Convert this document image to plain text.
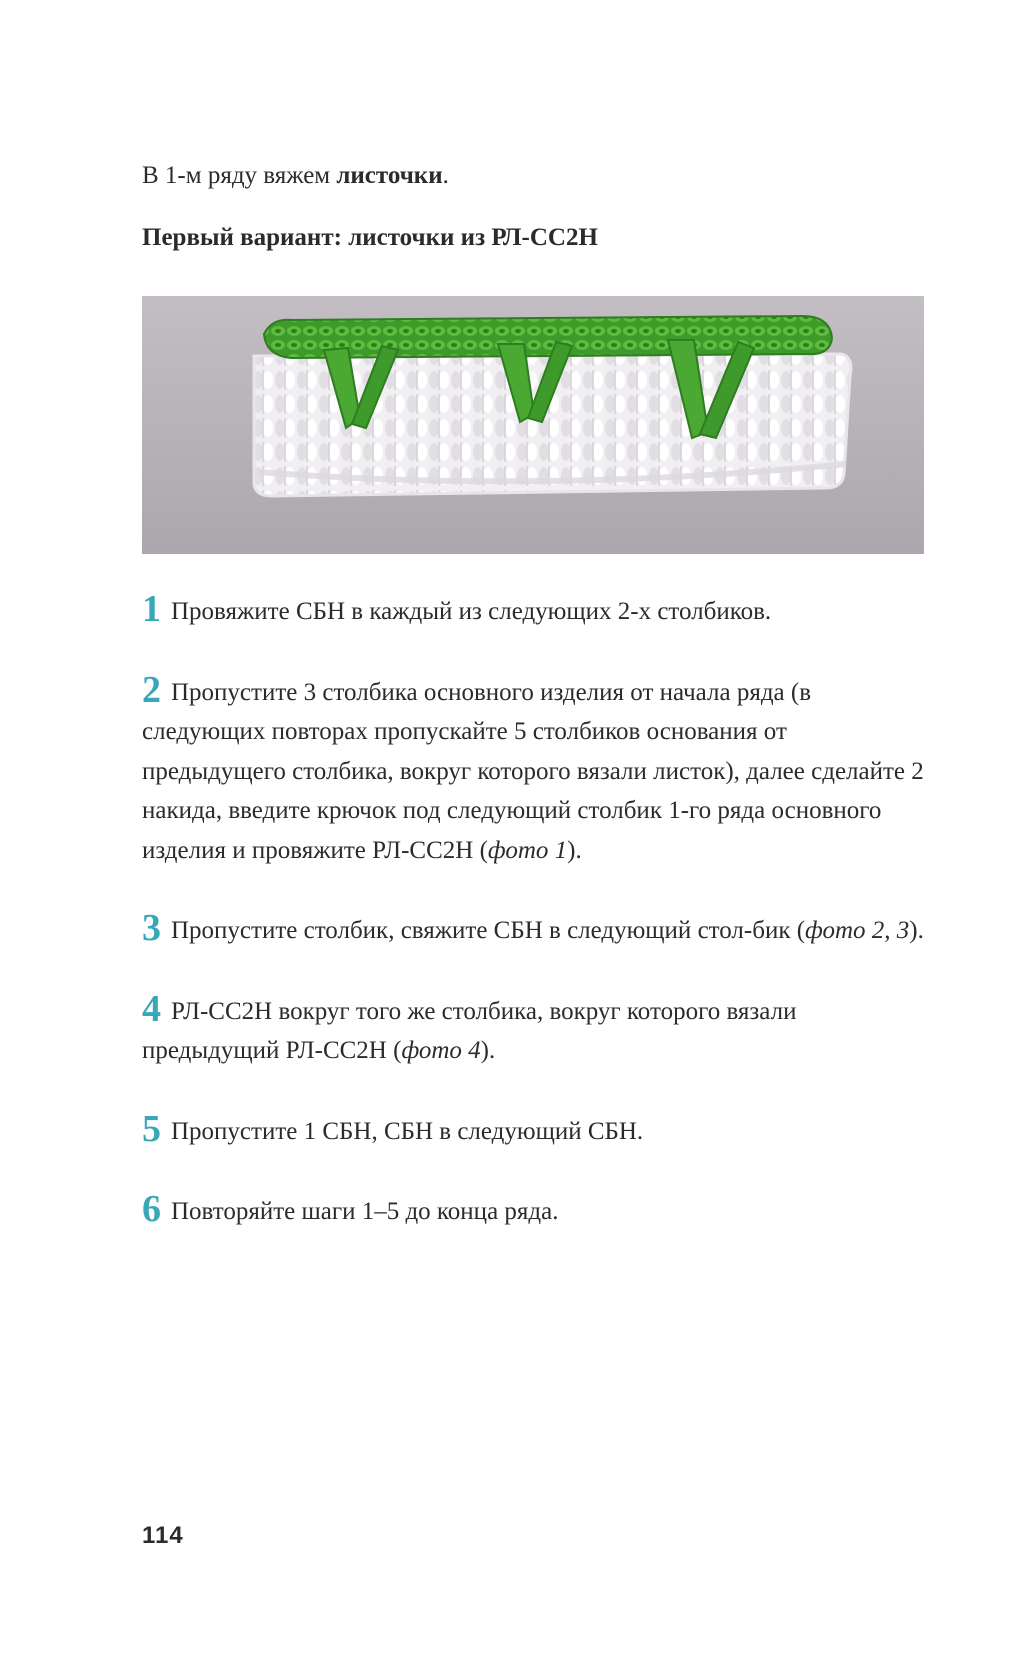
В 1-м ряду вяжем листочки.

Первый вариант: листочки из РЛ-СС2Н

1 Провяжите СБН в каждый из следующих 2-х столбиков.

2 Пропустите 3 столбика основного изделия от начала ряда (в следующих повторах пропускайте 5 столбиков основания от предыдущего столбика, вокруг которого вязали листок), далее сделайте 2 накида, введите крючок под следующий столбик 1-го ряда основного изделия и провяжите РЛ-СС2Н (фото 1).

3 Пропустите столбик, свяжите СБН в следующий стол-бик (фото 2, 3).

4 РЛ-СС2Н вокруг того же столбика, вокруг которого вязали предыдущий РЛ-СС2Н (фото 4).

5 Пропустите 1 СБН, СБН в следующий СБН.

6 Повторяйте шаги 1–5 до конца ряда.

114
